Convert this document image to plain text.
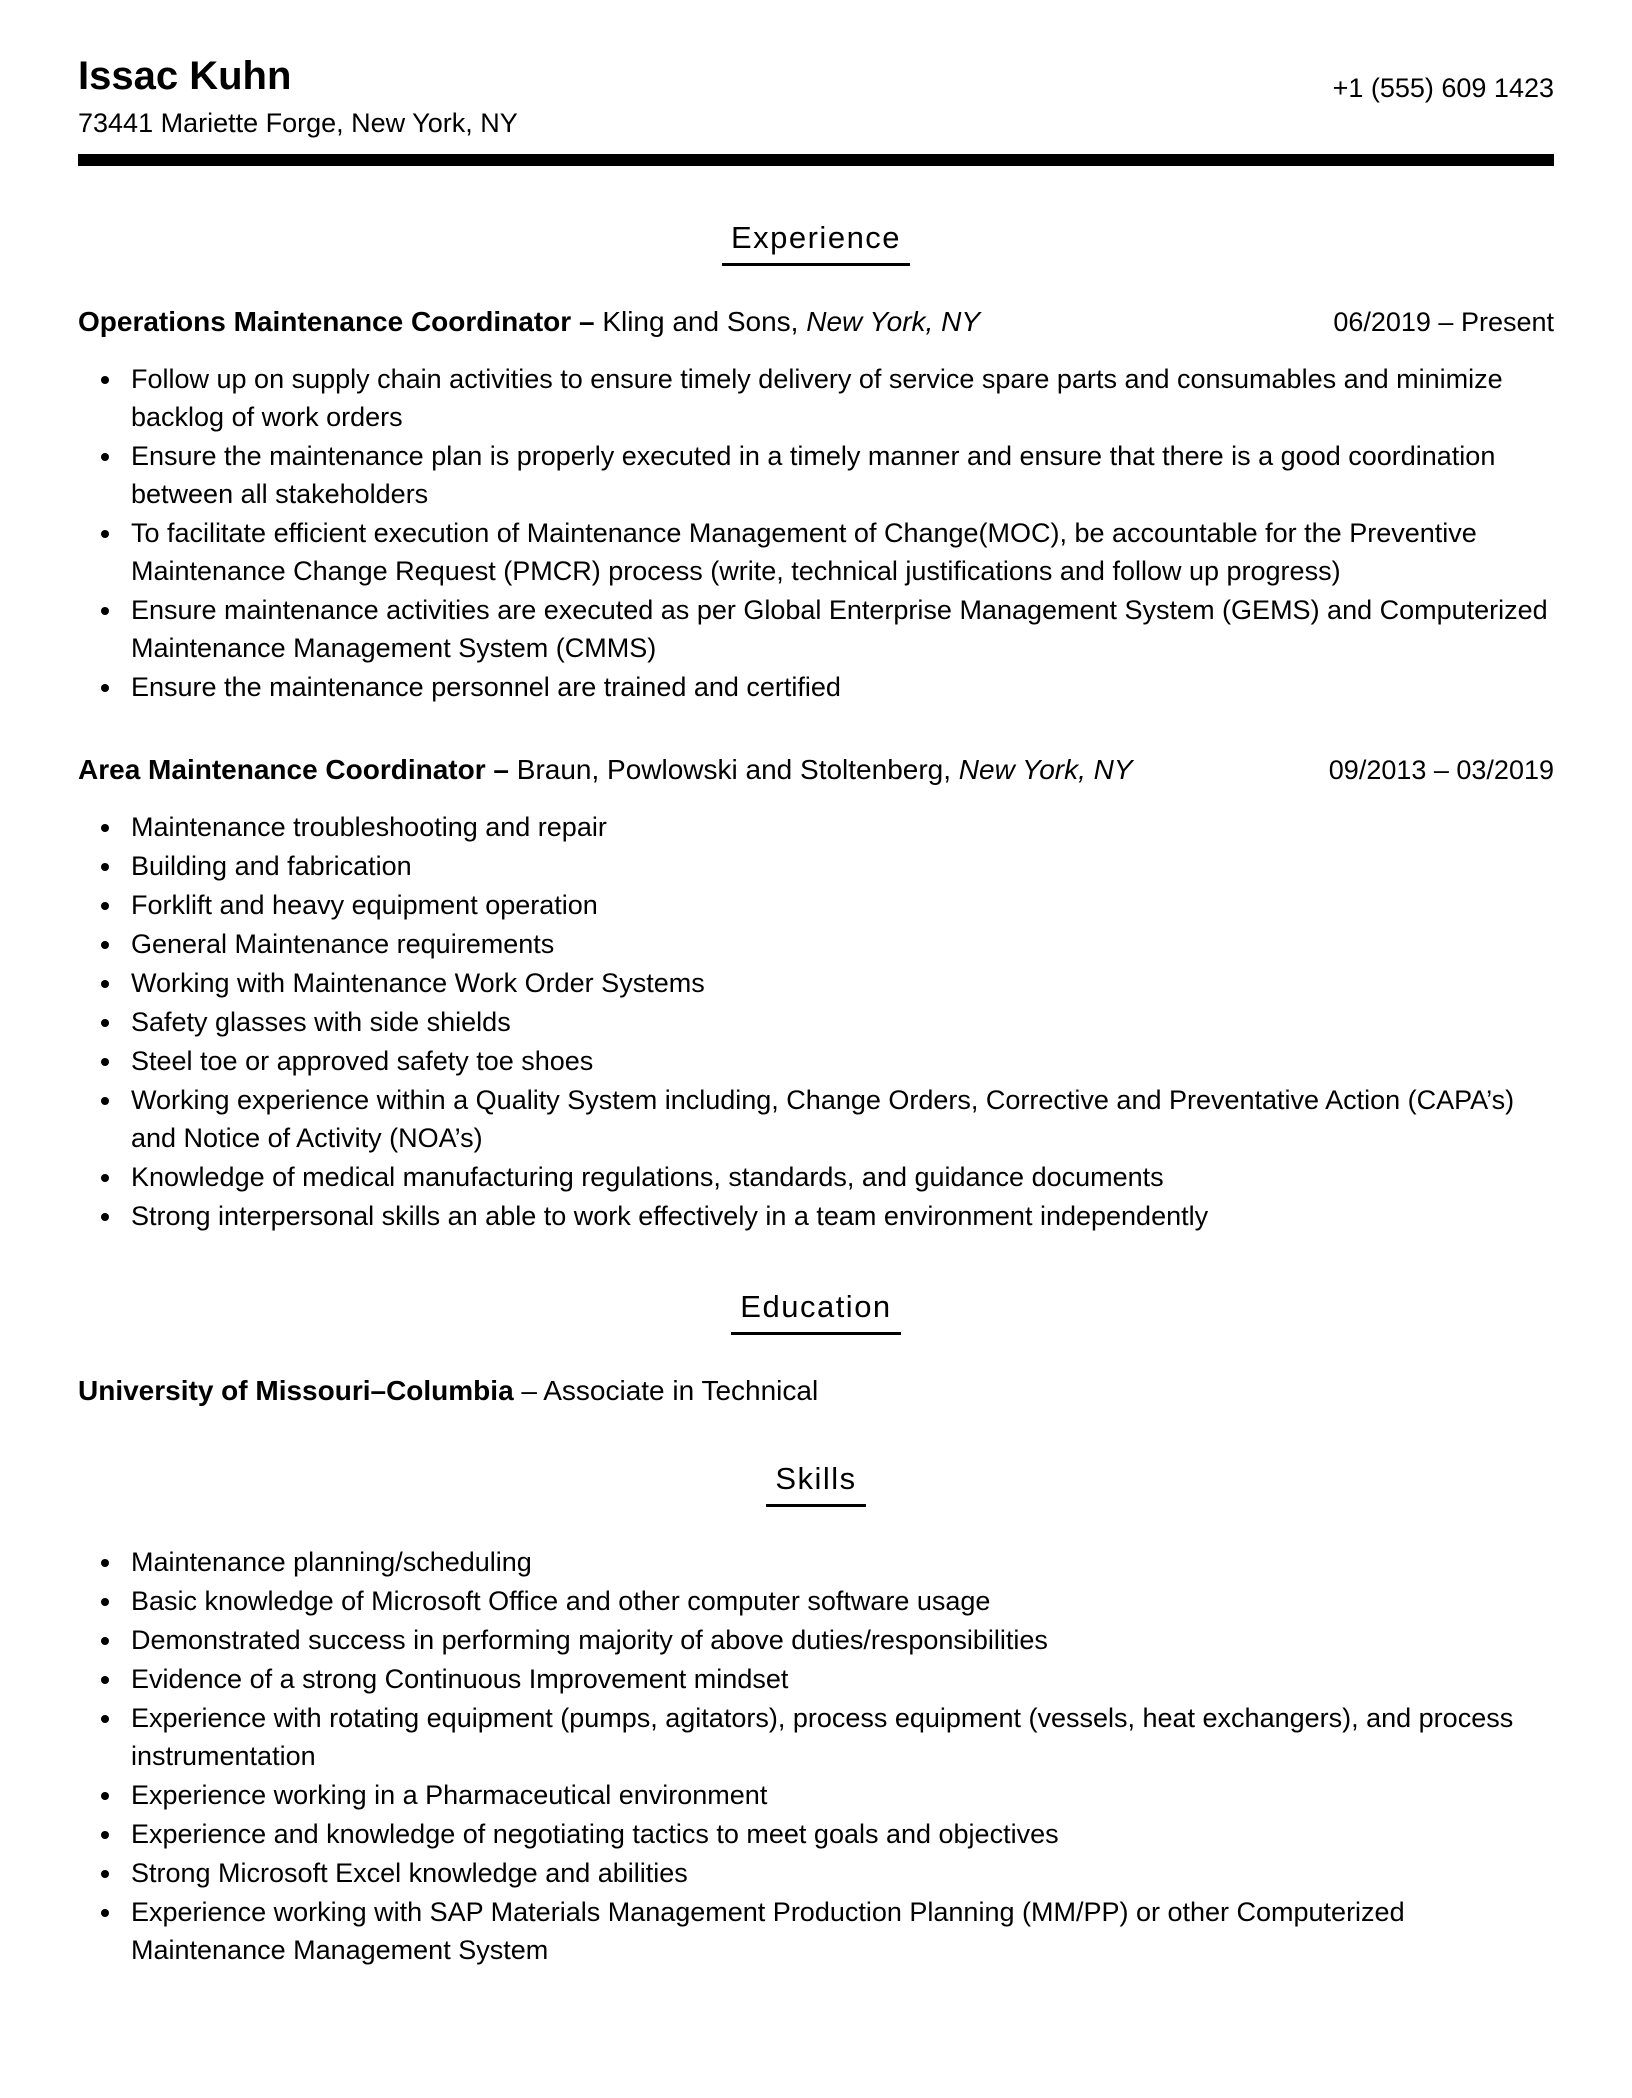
Issac Kuhn
73441 Mariette Forge, New York, NY
+1 (555) 609 1423
Experience
Operations Maintenance Coordinator – Kling and Sons, New York, NY	06/2019 – Present
• Follow up on supply chain activities to ensure timely delivery of service spare parts and consumables and minimize backlog of work orders
• Ensure the maintenance plan is properly executed in a timely manner and ensure that there is a good coordination between all stakeholders
• To facilitate efficient execution of Maintenance Management of Change(MOC), be accountable for the Preventive Maintenance Change Request (PMCR) process (write, technical justifications and follow up progress)
• Ensure maintenance activities are executed as per Global Enterprise Management System (GEMS) and Computerized Maintenance Management System (CMMS)
• Ensure the maintenance personnel are trained and certified
Area Maintenance Coordinator – Braun, Powlowski and Stoltenberg, New York, NY	09/2013 – 03/2019
• Maintenance troubleshooting and repair
• Building and fabrication
• Forklift and heavy equipment operation
• General Maintenance requirements
• Working with Maintenance Work Order Systems
• Safety glasses with side shields
• Steel toe or approved safety toe shoes
• Working experience within a Quality System including, Change Orders, Corrective and Preventative Action (CAPA’s) and Notice of Activity (NOA’s)
• Knowledge of medical manufacturing regulations, standards, and guidance documents
• Strong interpersonal skills an able to work effectively in a team environment independently
Education
University of Missouri–Columbia – Associate in Technical
Skills
• Maintenance planning/scheduling
• Basic knowledge of Microsoft Office and other computer software usage
• Demonstrated success in performing majority of above duties/responsibilities
• Evidence of a strong Continuous Improvement mindset
• Experience with rotating equipment (pumps, agitators), process equipment (vessels, heat exchangers), and process instrumentation
• Experience working in a Pharmaceutical environment
• Experience and knowledge of negotiating tactics to meet goals and objectives
• Strong Microsoft Excel knowledge and abilities
• Experience working with SAP Materials Management Production Planning (MM/PP) or other Computerized Maintenance Management System
